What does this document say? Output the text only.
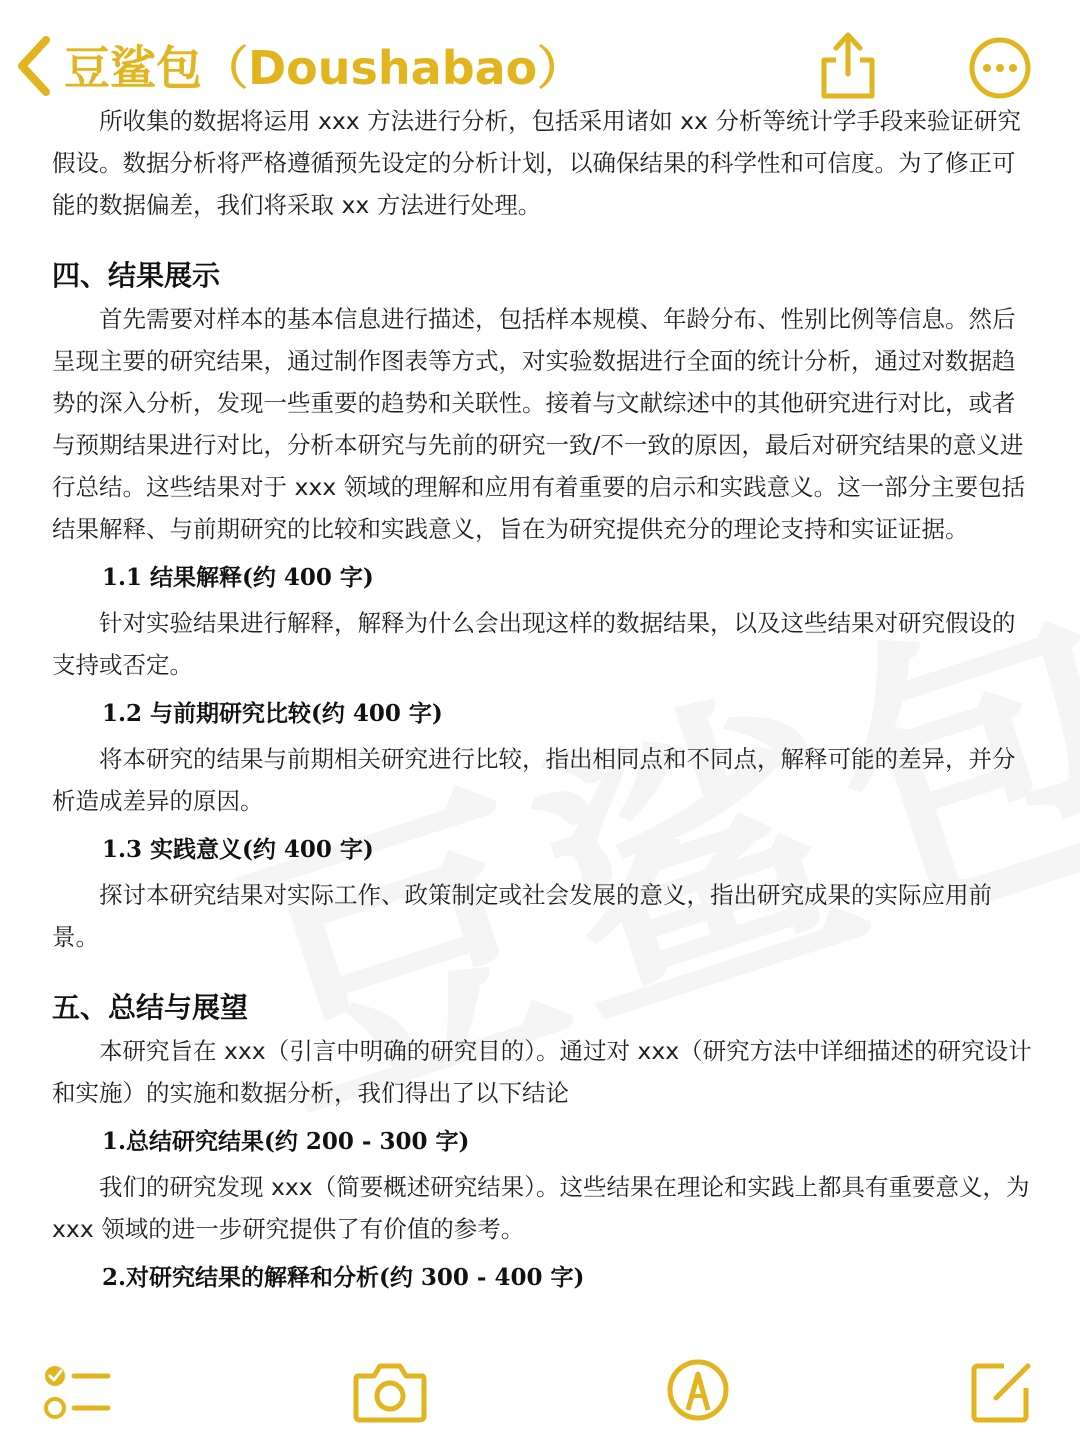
豆鲨包（Doushabao）

所收集的数据将运用 xxx 方法进行分析，包括采用诸如 xx 分析等统计学手段来验证研究假设。数据分析将严格遵循预先设定的分析计划，以确保结果的科学性和可信度。为了修正可能的数据偏差，我们将采取 xx 方法进行处理。

四、结果展示

首先需要对样本的基本信息进行描述，包括样本规模、年龄分布、性别比例等信息。然后呈现主要的研究结果，通过制作图表等方式，对实验数据进行全面的统计分析，通过对数据趋势的深入分析，发现一些重要的趋势和关联性。接着与文献综述中的其他研究进行对比，或者与预期结果进行对比，分析本研究与先前的研究一致/不一致的原因，最后对研究结果的意义进行总结。这些结果对于 xxx 领域的理解和应用有着重要的启示和实践意义。这一部分主要包括结果解释、与前期研究的比较和实践意义，旨在为研究提供充分的理论支持和实证证据。

1.1 结果解释(约 400 字)

针对实验结果进行解释，解释为什么会出现这样的数据结果，以及这些结果对研究假设的支持或否定。

1.2 与前期研究比较(约 400 字)

将本研究的结果与前期相关研究进行比较，指出相同点和不同点，解释可能的差异，并分析造成差异的原因。

1.3 实践意义(约 400 字)

探讨本研究结果对实际工作、政策制定或社会发展的意义，指出研究成果的实际应用前景。

五、总结与展望

本研究旨在 xxx（引言中明确的研究目的）。通过对 xxx（研究方法中详细描述的研究设计和实施）的实施和数据分析，我们得出了以下结论

1.总结研究结果(约 200 - 300 字)

我们的研究发现 xxx（简要概述研究结果）。这些结果在理论和实践上都具有重要意义，为 xxx 领域的进一步研究提供了有价值的参考。

2.对研究结果的解释和分析(约 300 - 400 字)
